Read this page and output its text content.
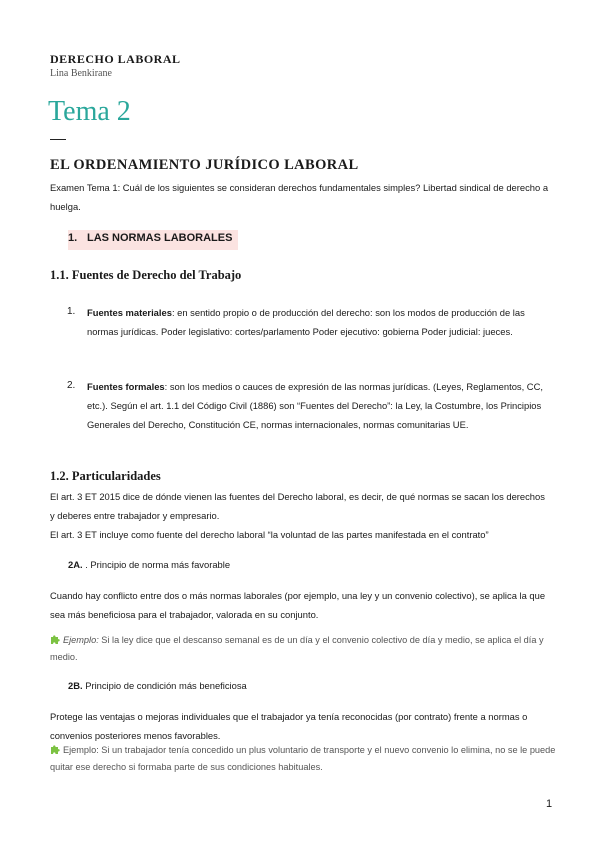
DERECHO LABORAL
Lina Benkirane
Tema 2
EL ORDENAMIENTO JURÍDICO LABORAL
Examen Tema 1: Cuál de los siguientes se consideran derechos fundamentales simples? Libertad sindical de derecho a huelga.
1. LAS NORMAS LABORALES
1.1. Fuentes de Derecho del Trabajo
1. Fuentes materiales: en sentido propio o de producción del derecho: son los modos de producción de las normas jurídicas. Poder legislativo: cortes/parlamento Poder ejecutivo: gobierna Poder judicial: jueces.
2. Fuentes formales: son los medios o cauces de expresión de las normas jurídicas. (Leyes, Reglamentos, CC, etc.). Según el art. 1.1 del Código Civil (1886) son “Fuentes del Derecho”: la Ley, la Costumbre, los Principios Generales del Derecho, Constitución CE, normas internacionales, normas comunitarias UE.
1.2. Particularidades
El art. 3 ET 2015 dice de dónde vienen las fuentes del Derecho laboral, es decir, de qué normas se sacan los derechos y deberes entre trabajador y empresario.
El art. 3 ET incluye como fuente del derecho laboral “la voluntad de las partes manifestada en el contrato”
2A. . Principio de norma más favorable
Cuando hay conflicto entre dos o más normas laborales (por ejemplo, una ley y un convenio colectivo), se aplica la que sea más beneficiosa para el trabajador, valorada en su conjunto.
Ejemplo: Si la ley dice que el descanso semanal es de un día y el convenio colectivo de día y medio, se aplica el día y medio.
2B. Principio de condición más beneficiosa
Protege las ventajas o mejoras individuales que el trabajador ya tenía reconocidas (por contrato) frente a normas o convenios posteriores menos favorables.
Ejemplo: Si un trabajador tenía concedido un plus voluntario de transporte y el nuevo convenio lo elimina, no se le puede quitar ese derecho si formaba parte de sus condiciones habituales.
1
